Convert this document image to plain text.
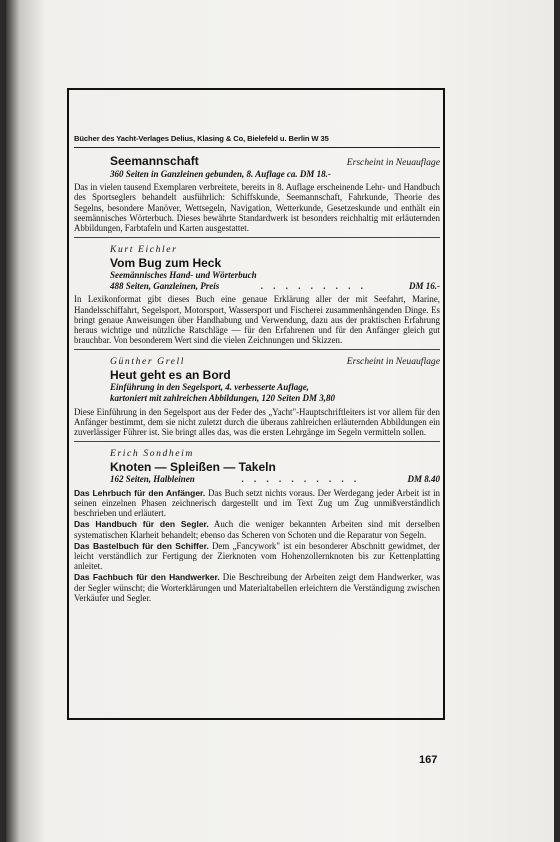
Bücher des Yacht-Verlages Delius, Klasing & Co, Bielefeld u. Berlin W 35
Seemannschaft	Erscheint in Neuauflage
360 Seiten in Ganzleinen gebunden, 8. Auflage ca. DM 18.-
Das in vielen tausend Exemplaren verbreitete, bereits in 8. Auflage erscheinende Lehr- und Handbuch des Sportseglers behandelt ausführlich: Schiffskunde, Seemannschaft, Fahrkunde, Theorie des Segelns, besondere Manöver, Wettsegeln, Navigation, Wetterkunde, Gesetzeskunde und enthält ein seemännisches Wörterbuch. Dieses bewährte Standardwerk ist besonders reichhaltig mit erläuternden Abbildungen, Farbtafeln und Karten ausgestattet.
Kurt Eichler
Vom Bug zum Heck
Seemännisches Hand- und Wörterbuch
488 Seiten, Ganzleinen, Preis	. . . . . . . . .	DM 16.-
In Lexikonformat gibt dieses Buch eine genaue Erklärung aller der mit Seefahrt, Marine, Handelsschiffahrt, Segelsport, Motorsport, Wassersport und Fischerei zusammenhängenden Dinge. Es bringt genaue Anweisungen über Handhabung und Verwendung, dazu aus der praktischen Erfahrung heraus wichtige und nützliche Ratschläge — für den Erfahrenen und für den Anfänger gleich gut brauchbar. Von besonderem Wert sind die vielen Zeichnungen und Skizzen.
Günther Grell	Erscheint in Neuauflage
Heut geht es an Bord
Einführung in den Segelsport, 4. verbesserte Auflage,
kartoniert mit zahlreichen Abbildungen, 120 Seiten DM 3,80
Diese Einführung in den Segelsport aus der Feder des „Yacht"-Hauptschriftleiters ist vor allem für den Anfänger bestimmt, dem sie nicht zuletzt durch die überaus zahlreichen erläuternden Abbildungen ein zuverlässiger Führer ist. Sie bringt alles das, was die ersten Lehrgänge im Segeln vermitteln sollen.
Erich Sondheim
Knoten — Spleißen — Takeln
162 Seiten, Halbleinen	. . . . . . . . . .	DM 8.40
Das Lehrbuch für den Anfänger. Das Buch setzt nichts voraus. Der Werdegang jeder Arbeit ist in seinen einzelnen Phasen zeichnerisch dargestellt und im Text Zug um Zug unmißverständlich beschrieben und erläutert.
Das Handbuch für den Segler. Auch die weniger bekannten Arbeiten sind mit derselben systematischen Klarheit behandelt; ebenso das Scheren von Schoten und die Reparatur von Segeln.
Das Bastelbuch für den Schiffer. Dem „Fancywork" ist ein besonderer Abschnitt gewidmet, der leicht verständlich zur Fertigung der Zierknoten vom Hohenzollernknoten bis zur Kettenplatting anleitet.
Das Fachbuch für den Handwerker. Die Beschreibung der Arbeiten zeigt dem Handwerker, was der Segler wünscht; die Worterklärungen und Materialtabellen erleichtern die Verständigung zwischen Verkäufer und Segler.
167
